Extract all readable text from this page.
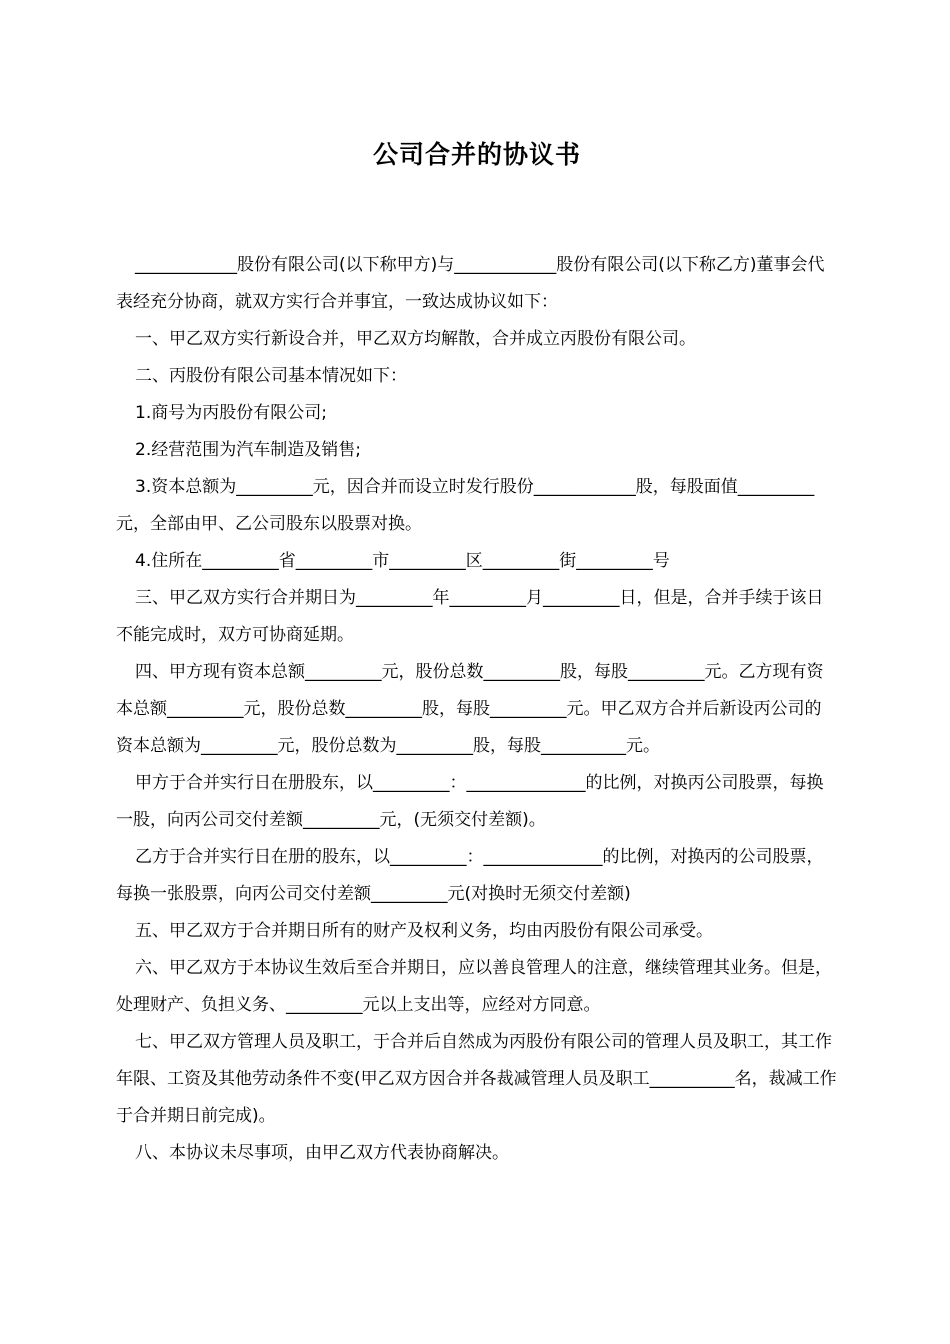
公司合并的协议书

____________股份有限公司(以下称甲方)与____________股份有限公司(以下称乙方)董事会代表经充分协商，就双方实行合并事宜，一致达成协议如下：

一、甲乙双方实行新设合并，甲乙双方均解散，合并成立丙股份有限公司。

二、丙股份有限公司基本情况如下：

1.商号为丙股份有限公司;

2.经营范围为汽车制造及销售;

3.资本总额为_________元，因合并而设立时发行股份____________股，每股面值_________元，全部由甲、乙公司股东以股票对换。

4.住所在_________省_________市_________区_________街_________号

三、甲乙双方实行合并期日为_________年_________月_________日，但是，合并手续于该日不能完成时，双方可协商延期。

四、甲方现有资本总额_________元，股份总数_________股，每股_________元。乙方现有资本总额_________元，股份总数_________股，每股_________元。甲乙双方合并后新设丙公司的资本总额为_________元，股份总数为_________股，每股__________元。

甲方于合并实行日在册股东，以_________：______________的比例，对换丙公司股票，每换一股，向丙公司交付差额_________元，(无须交付差额)。

乙方于合并实行日在册的股东，以_________：______________的比例，对换丙的公司股票，每换一张股票，向丙公司交付差额_________元(对换时无须交付差额)

五、甲乙双方于合并期日所有的财产及权利义务，均由丙股份有限公司承受。

六、甲乙双方于本协议生效后至合并期日，应以善良管理人的注意，继续管理其业务。但是，处理财产、负担义务、_________元以上支出等，应经对方同意。

七、甲乙双方管理人员及职工，于合并后自然成为丙股份有限公司的管理人员及职工，其工作年限、工资及其他劳动条件不变(甲乙双方因合并各裁减管理人员及职工__________名，裁减工作于合并期日前完成)。

八、本协议未尽事项，由甲乙双方代表协商解决。
